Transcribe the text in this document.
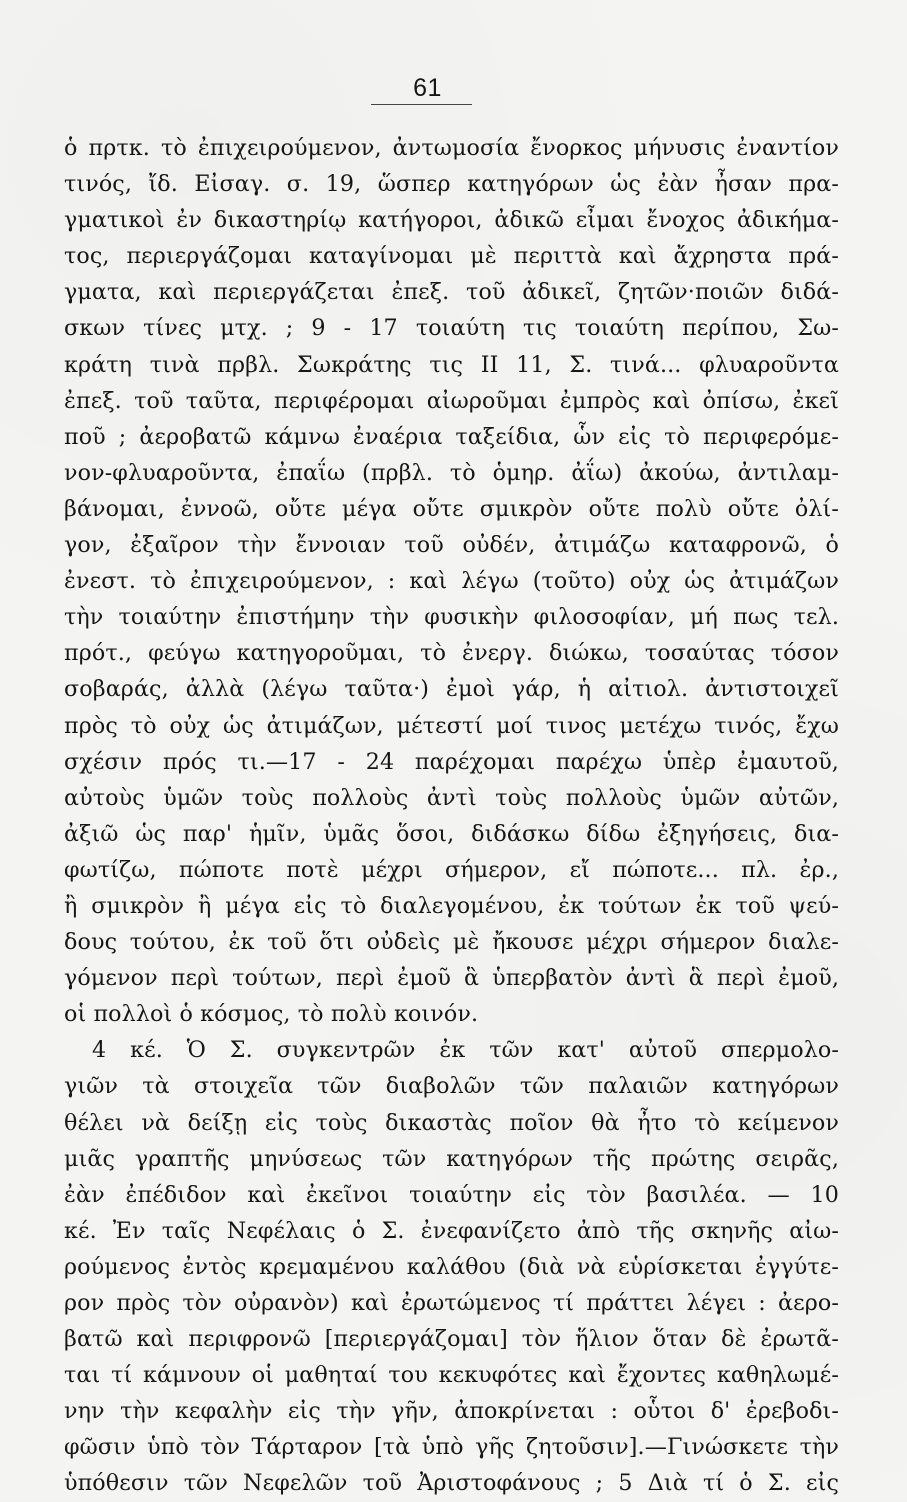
61
ὁ πρτκ. τὸ ἐπιχειρούμενον, ἀντωμοσία ἔνορκος μήνυσις ἐναντίον
τινός, ἴδ. Εἰσαγ. σ. 19, ὥσπερ κατηγόρων ὡς ἐὰν ἦσαν πρα-
γματικοὶ ἐν δικαστηρίῳ κατήγοροι, ἀδικῶ εἶμαι ἔνοχος ἀδικήμα-
τος, περιεργάζομαι καταγίνομαι μὲ περιττὰ καὶ ἄχρηστα πρά-
γματα, καὶ περιεργάζεται ἐπεξ. τοῦ ἀδικεῖ, ζητῶν·ποιῶν διδά-
σκων τίνες μτχ. ; 9 - 17 τοιαύτη τις τοιαύτη περίπου, Σω-
κράτη τινὰ πρβλ. Σωκράτης τις ΙΙ 11, Σ. τινά... φλυαροῦντα
ἐπεξ. τοῦ ταῦτα, περιφέρομαι αἰωροῦμαι ἐμπρὸς καὶ ὀπίσω, ἐκεῖ
ποῦ ; ἀεροβατῶ κάμνω ἐναέρια ταξείδια, ὧν εἰς τὸ περιφερόμε-
νον-φλυαροῦντα, ἐπαΐω (πρβλ. τὸ ὁμηρ. ἀΐω) ἀκούω, ἀντιλαμ-
βάνομαι, ἐννοῶ, οὔτε μέγα οὔτε σμικρὸν οὔτε πολὺ οὔτε ὀλί-
γον, ἐξαῖρον τὴν ἔννοιαν τοῦ οὐδέν, ἀτιμάζω καταφρονῶ, ὁ
ἐνεστ. τὸ ἐπιχειρούμενον, : καὶ λέγω (τοῦτο) οὐχ ὡς ἀτιμάζων
τὴν τοιαύτην ἐπιστήμην τὴν φυσικὴν φιλοσοφίαν, μή πως τελ.
πρότ., φεύγω κατηγοροῦμαι, τὸ ἐνεργ. διώκω, τοσαύτας τόσον
σοβαράς, ἀλλὰ (λέγω ταῦτα·) ἐμοὶ γάρ, ἡ αἰτιολ. ἀντιστοιχεῖ
πρὸς τὸ οὐχ ὡς ἀτιμάζων, μέτεστί μοί τινος μετέχω τινός, ἔχω
σχέσιν πρός τι.—17 - 24 παρέχομαι παρέχω ὑπὲρ ἐμαυτοῦ,
αὐτοὺς ὑμῶν τοὺς πολλοὺς ἀντὶ τοὺς πολλοὺς ὑμῶν αὐτῶν,
ἀξιῶ ὡς παρ' ἡμῖν, ὑμᾶς ὅσοι, διδάσκω δίδω ἐξηγήσεις, δια-
φωτίζω, πώποτε ποτὲ μέχρι σήμερον, εἴ πώποτε... πλ. ἐρ.,
ἢ σμικρὸν ἢ μέγα εἰς τὸ διαλεγομένου, ἐκ τούτων ἐκ τοῦ ψεύ-
δους τούτου, ἐκ τοῦ ὅτι οὐδεὶς μὲ ἤκουσε μέχρι σήμερον διαλε-
γόμενον περὶ τούτων, περὶ ἐμοῦ ἃ ὑπερβατὸν ἀντὶ ἃ περὶ ἐμοῦ,
οἱ πολλοὶ ὁ κόσμος, τὸ πολὺ κοινόν.
4 κέ. Ὁ Σ. συγκεντρῶν ἐκ τῶν κατ' αὐτοῦ σπερμολο-
γιῶν τὰ στοιχεῖα τῶν διαβολῶν τῶν παλαιῶν κατηγόρων
θέλει νὰ δείξῃ εἰς τοὺς δικαστὰς ποῖον θὰ ἦτο τὸ κείμενον
μιᾶς γραπτῆς μηνύσεως τῶν κατηγόρων τῆς πρώτης σειρᾶς,
ἐὰν ἐπέδιδον καὶ ἐκεῖνοι τοιαύτην εἰς τὸν βασιλέα. — 10
κέ. Ἐν ταῖς Νεφέλαις ὁ Σ. ἐνεφανίζετο ἀπὸ τῆς σκηνῆς αἰω-
ρούμενος ἐντὸς κρεμαμένου καλάθου (διὰ νὰ εὑρίσκεται ἐγγύτε-
ρον πρὸς τὸν οὐρανὸν) καὶ ἐρωτώμενος τί πράττει λέγει : ἀερο-
βατῶ καὶ περιφρονῶ [περιεργάζομαι] τὸν ἥλιον ὅταν δὲ ἐρωτᾶ-
ται τί κάμνουν οἱ μαθηταί του κεκυφότες καὶ ἔχοντες καθηλωμέ-
νην τὴν κεφαλὴν εἰς τὴν γῆν, ἀποκρίνεται : οὗτοι δ' ἐρεβοδι-
φῶσιν ὑπὸ τὸν Τάρταρον [τὰ ὑπὸ γῆς ζητοῦσιν].—Γινώσκετε τὴν
ὑπόθεσιν τῶν Νεφελῶν τοῦ Ἀριστοφάνους ; 5 Διὰ τί ὁ Σ. εἰς
